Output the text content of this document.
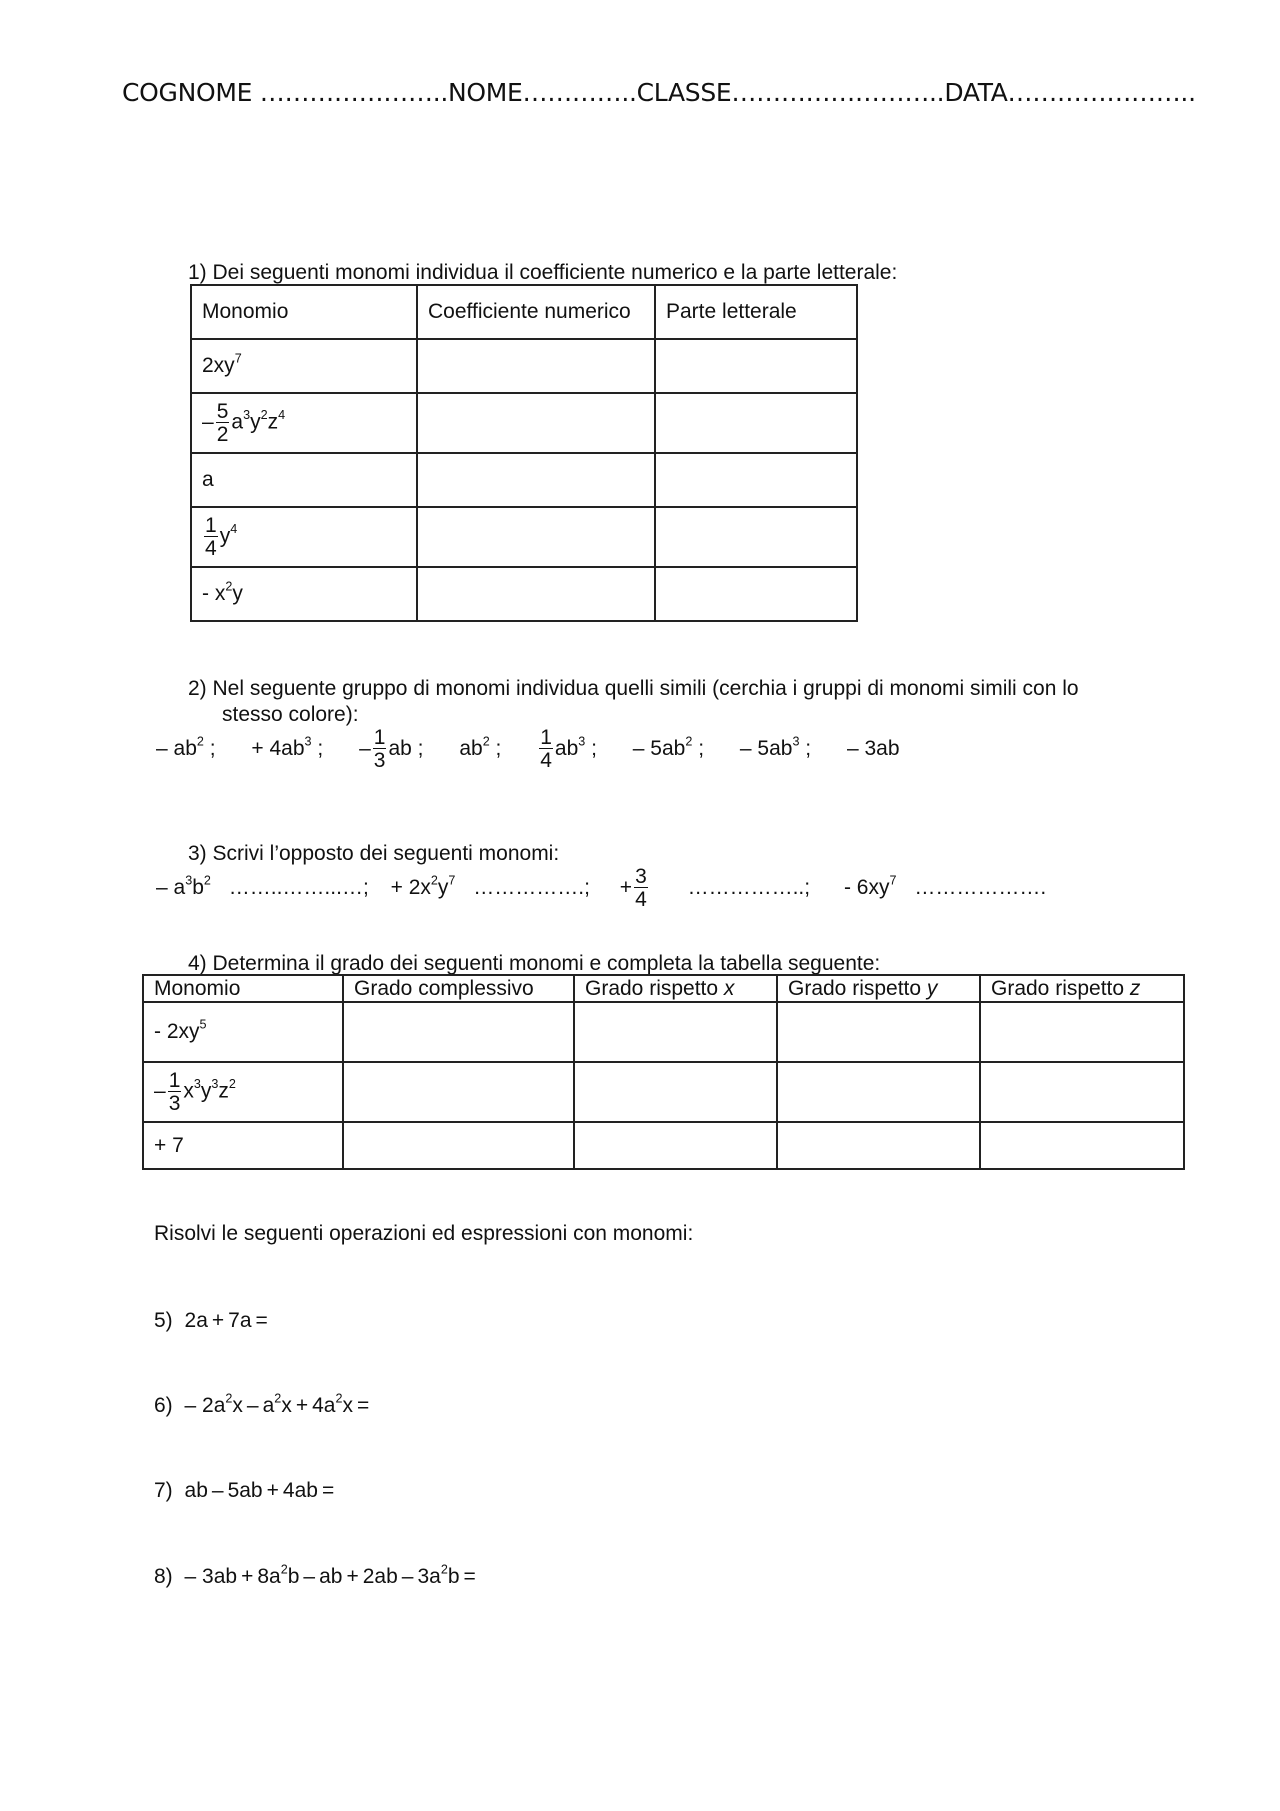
COGNOME …………………..NOME…………..CLASSE……………………..DATA…………………..
1) Dei seguenti monomi individua il coefficiente numerico e la parte letterale:
Monomio	Coefficiente numerico	Parte letterale
$2xy^7$		
– $\frac{5}{2} a^3y^2z^4$		
a		

$\frac{1}{4} y^4$		
- $x^2y$		
2) Nel seguente gruppo di monomi individua quelli simili (cerchia i gruppi di monomi simili con lo
stesso colore):
– $ab^2$ ; + $4ab^3$ ; – $\frac{1}{3}$ ab ; $ab^2$ ; $\frac{1}{4} ab^3$ ; – $5ab^2$ ; – $5ab^3$ ; – 3ab
3) Scrivi l’opposto dei seguenti monomi:
– $a^3b^2$ ……..……...…; + $2x^2y^7$ …………….; + $\frac{3}{4}$ ……………..; - $6xy^7$ ……………….
4) Determina il grado dei seguenti monomi e completa la tabella seguente:
Monomio	Grado complessivo	Grado rispetto x	Grado rispetto y	Grado rispetto z
- $2xy^5$				
– $\frac{1}{3} x^3y^3z^2$				
+ 7				
Risolvi le seguenti operazioni ed espressioni con monomi:
5) 2a + 7a =
$6) - 2a^2x - a^2x + 4a^2x$ =
7) ab – 5ab + 4ab =
$8) - 3ab + 8a^2b$ – ab + $2ab - 3a^2b$ =
